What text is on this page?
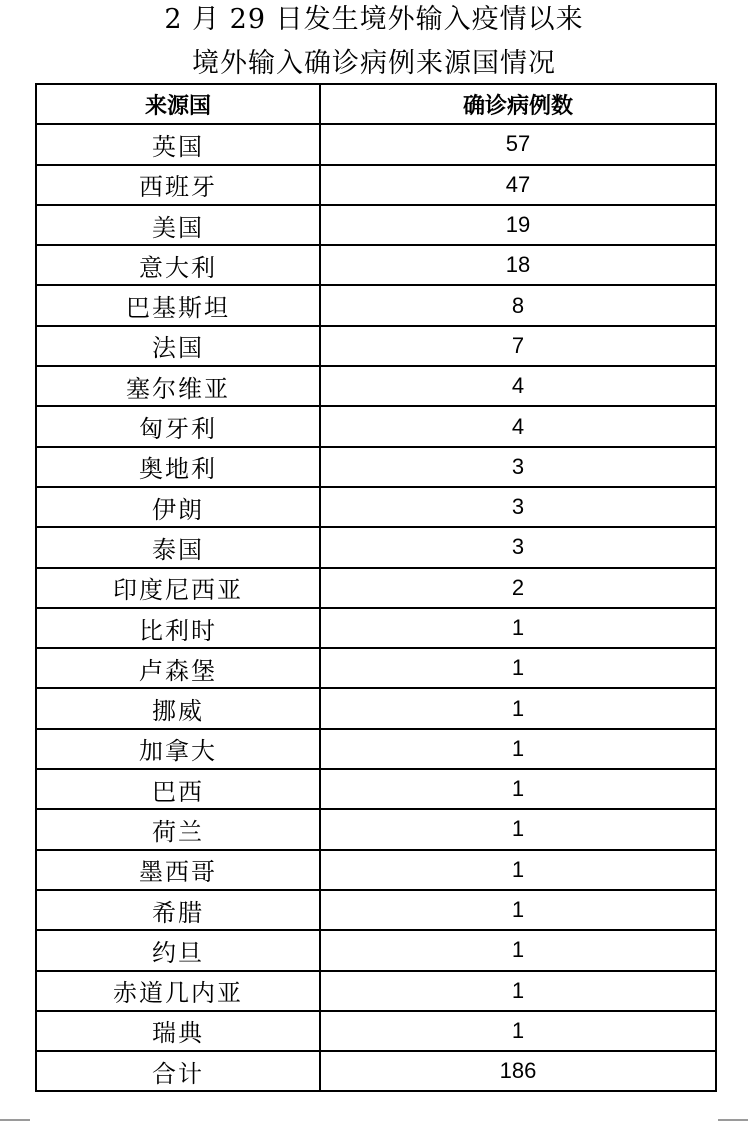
2 月 29 日发生境外输入疫情以来
境外输入确诊病例来源国情况
来源国	确诊病例数
英国	57
西班牙	47
美国	19
意大利	18
巴基斯坦	8
法国	7
塞尔维亚	4
匈牙利	4
奥地利	3
伊朗	3
泰国	3
印度尼西亚	2
比利时	1
卢森堡	1
挪威	1
加拿大	1
巴西	1
荷兰	1
墨西哥	1
希腊	1
约旦	1
赤道几内亚	1
瑞典	1
合计	186
